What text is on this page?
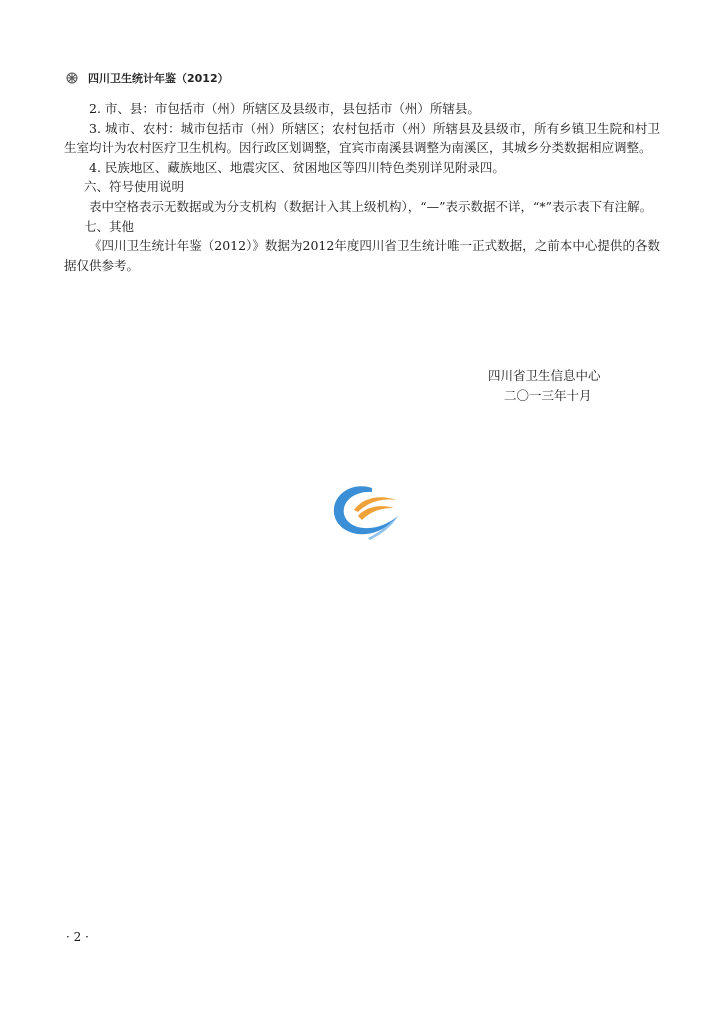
四川卫生统计年鉴（2012）

2. 市、县：市包括市（州）所辖区及县级市，县包括市（州）所辖县。

3. 城市、农村：城市包括市（州）所辖区；农村包括市（州）所辖县及县级市，所有乡镇卫生院和村卫生室均计为农村医疗卫生机构。因行政区划调整，宜宾市南溪县调整为南溪区，其城乡分类数据相应调整。

4. 民族地区、藏族地区、地震灾区、贫困地区等四川特色类别详见附录四。

六、符号使用说明

表中空格表示无数据或为分支机构（数据计入其上级机构），“—”表示数据不详，“*”表示表下有注解。

七、其他

《四川卫生统计年鉴（2012）》数据为2012年度四川省卫生统计唯一正式数据，之前本中心提供的各数据仅供参考。

四川省卫生信息中心
二〇一三年十月
· 2 ·
